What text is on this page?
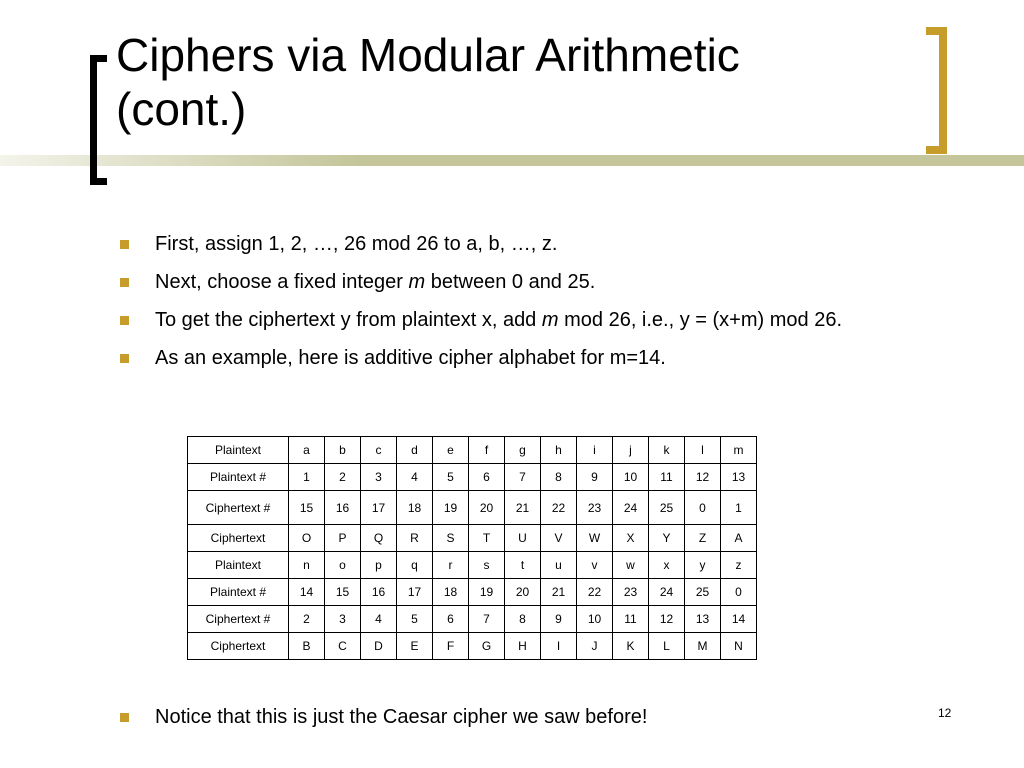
Ciphers via Modular Arithmetic
(cont.)
First, assign 1, 2, …, 26 mod 26 to a, b, …, z.
Next, choose a fixed integer m between 0 and 25.
To get the ciphertext y from plaintext x, add m mod 26, i.e., y = (x+m) mod 26.
As an example, here is additive cipher alphabet for m=14.
Plaintext	a	b	c	d	e	f	g	h	i	j	k	l	m
Plaintext #	1	2	3	4	5	6	7	8	9	10	11	12	13
Ciphertext #	15	16	17	18	19	20	21	22	23	24	25	0	1
Ciphertext	O	P	Q	R	S	T	U	V	W	X	Y	Z	A
Plaintext	n	o	p	q	r	s	t	u	v	w	x	y	z
Plaintext #	14	15	16	17	18	19	20	21	22	23	24	25	0
Ciphertext #	2	3	4	5	6	7	8	9	10	11	12	13	14
Ciphertext	B	C	D	E	F	G	H	I	J	K	L	M	N
Notice that this is just the Caesar cipher we saw before!	12
